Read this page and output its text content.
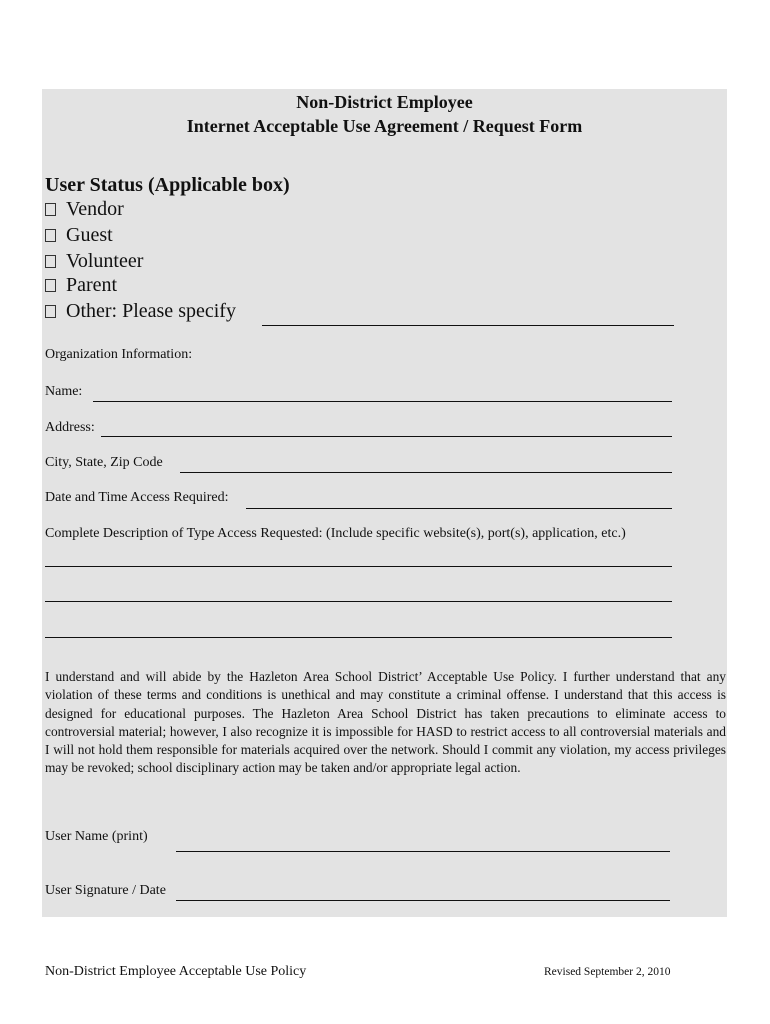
Non-District Employee
Internet Acceptable Use Agreement / Request Form
User Status (Applicable box)
Vendor
Guest
Volunteer
Parent
Other: Please specify
Organization Information:
Name:
Address:
City, State, Zip Code
Date and Time Access Required:
Complete Description of Type Access Requested: (Include specific website(s), port(s), application, etc.)
I understand and will abide by the Hazleton Area School District’ Acceptable Use Policy. I further understand that any violation of these terms and conditions is unethical and may constitute a criminal offense. I understand that this access is designed for educational purposes. The Hazleton Area School District has taken precautions to eliminate access to controversial material; however, I also recognize it is impossible for HASD to restrict access to all controversial materials and I will not hold them responsible for materials acquired over the network. Should I commit any violation, my access privileges may be revoked; school disciplinary action may be taken and/or appropriate legal action.
User Name (print)
User Signature / Date
Non-District Employee Acceptable Use Policy	Revised September 2, 2010
